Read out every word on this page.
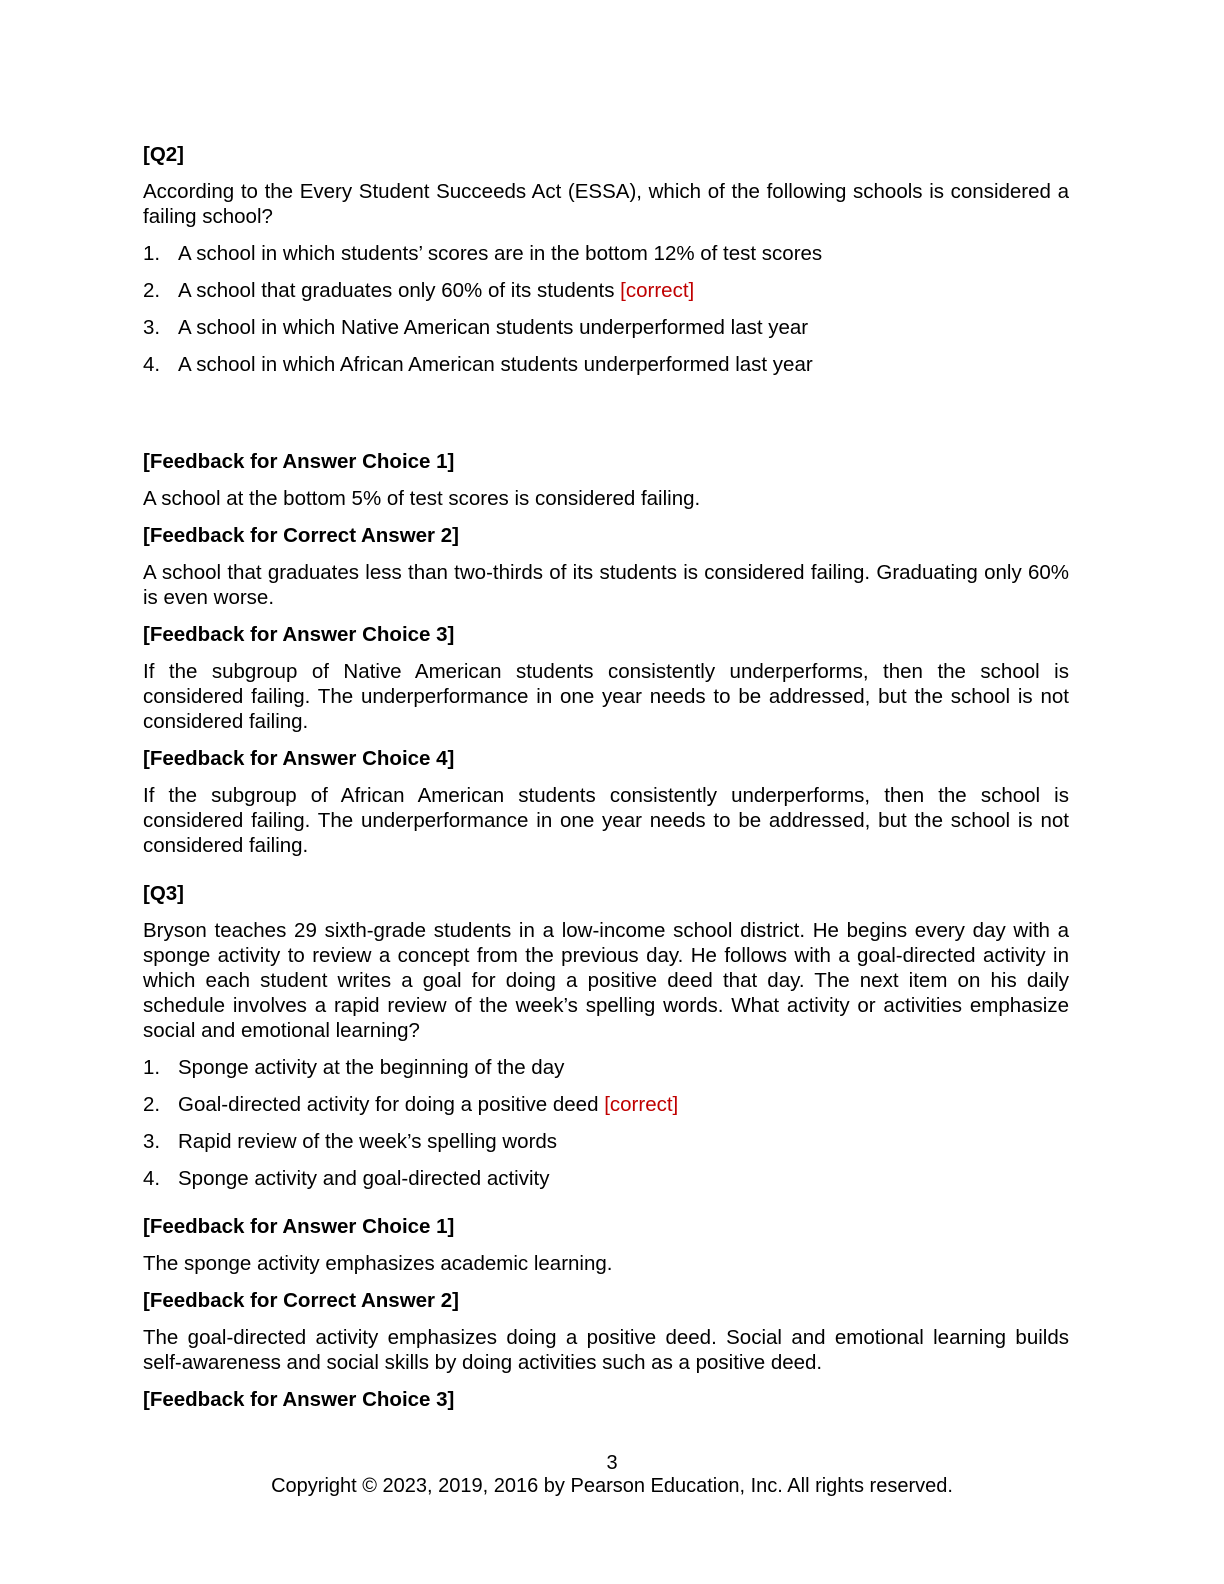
[Q2]

According to the Every Student Succeeds Act (ESSA), which of the following schools is considered a failing school?

1. A school in which students’ scores are in the bottom 12% of test scores
2. A school that graduates only 60% of its students [correct]
3. A school in which Native American students underperformed last year
4. A school in which African American students underperformed last year

[Feedback for Answer Choice 1]

A school at the bottom 5% of test scores is considered failing.

[Feedback for Correct Answer 2]

A school that graduates less than two-thirds of its students is considered failing. Graduating only 60% is even worse.

[Feedback for Answer Choice 3]

If the subgroup of Native American students consistently underperforms, then the school is considered failing. The underperformance in one year needs to be addressed, but the school is not considered failing.

[Feedback for Answer Choice 4]

If the subgroup of African American students consistently underperforms, then the school is considered failing. The underperformance in one year needs to be addressed, but the school is not considered failing.

[Q3]

Bryson teaches 29 sixth-grade students in a low-income school district. He begins every day with a sponge activity to review a concept from the previous day. He follows with a goal-directed activity in which each student writes a goal for doing a positive deed that day. The next item on his daily schedule involves a rapid review of the week’s spelling words. What activity or activities emphasize social and emotional learning?

1. Sponge activity at the beginning of the day
2. Goal-directed activity for doing a positive deed [correct]
3. Rapid review of the week’s spelling words
4. Sponge activity and goal-directed activity

[Feedback for Answer Choice 1]

The sponge activity emphasizes academic learning.

[Feedback for Correct Answer 2]

The goal-directed activity emphasizes doing a positive deed. Social and emotional learning builds self-awareness and social skills by doing activities such as a positive deed.

[Feedback for Answer Choice 3]

3
Copyright © 2023, 2019, 2016 by Pearson Education, Inc. All rights reserved.
